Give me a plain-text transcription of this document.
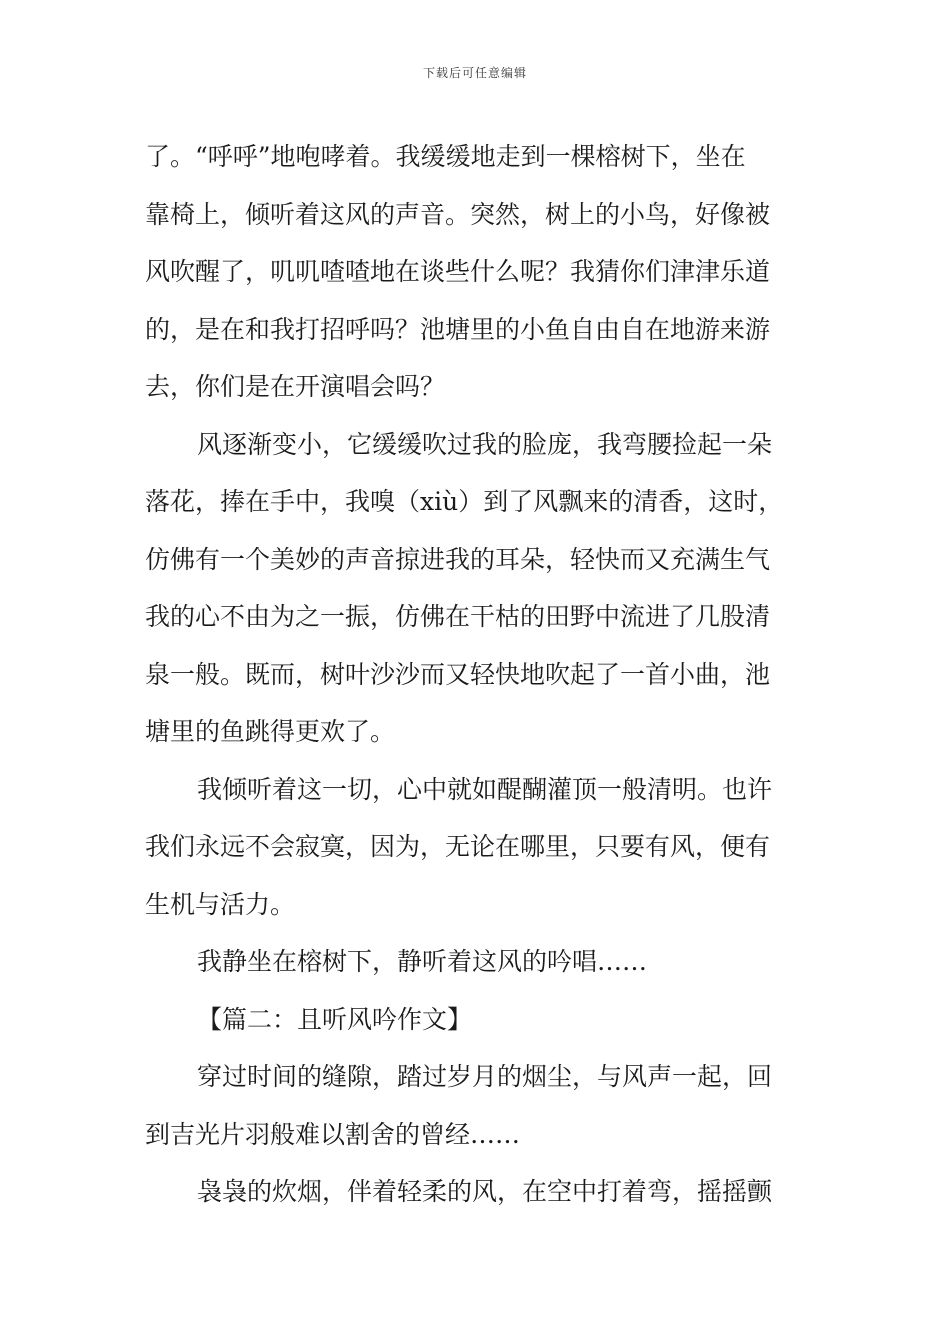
下载后可任意编辑
了。“呼呼”地咆哮着。我缓缓地走到一棵榕树下，坐在
靠椅上，倾听着这风的声音。突然，树上的小鸟，好像被
风吹醒了，叽叽喳喳地在谈些什么呢？我猜你们津津乐道
的，是在和我打招呼吗？池塘里的小鱼自由自在地游来游
去，你们是在开演唱会吗？
风逐渐变小，它缓缓吹过我的脸庞，我弯腰捡起一朵
落花，捧在手中，我嗅（xiù）到了风飘来的清香，这时，
仿佛有一个美妙的声音掠进我的耳朵，轻快而又充满生气
我的心不由为之一振，仿佛在干枯的田野中流进了几股清
泉一般。既而，树叶沙沙而又轻快地吹起了一首小曲，池
塘里的鱼跳得更欢了。
我倾听着这一切，心中就如醍醐灌顶一般清明。也许
我们永远不会寂寞，因为，无论在哪里，只要有风，便有
生机与活力。
我静坐在榕树下，静听着这风的吟唱……
【篇二：且听风吟作文】
穿过时间的缝隙，踏过岁月的烟尘，与风声一起，回
到吉光片羽般难以割舍的曾经……
袅袅的炊烟，伴着轻柔的风，在空中打着弯，摇摇颤
